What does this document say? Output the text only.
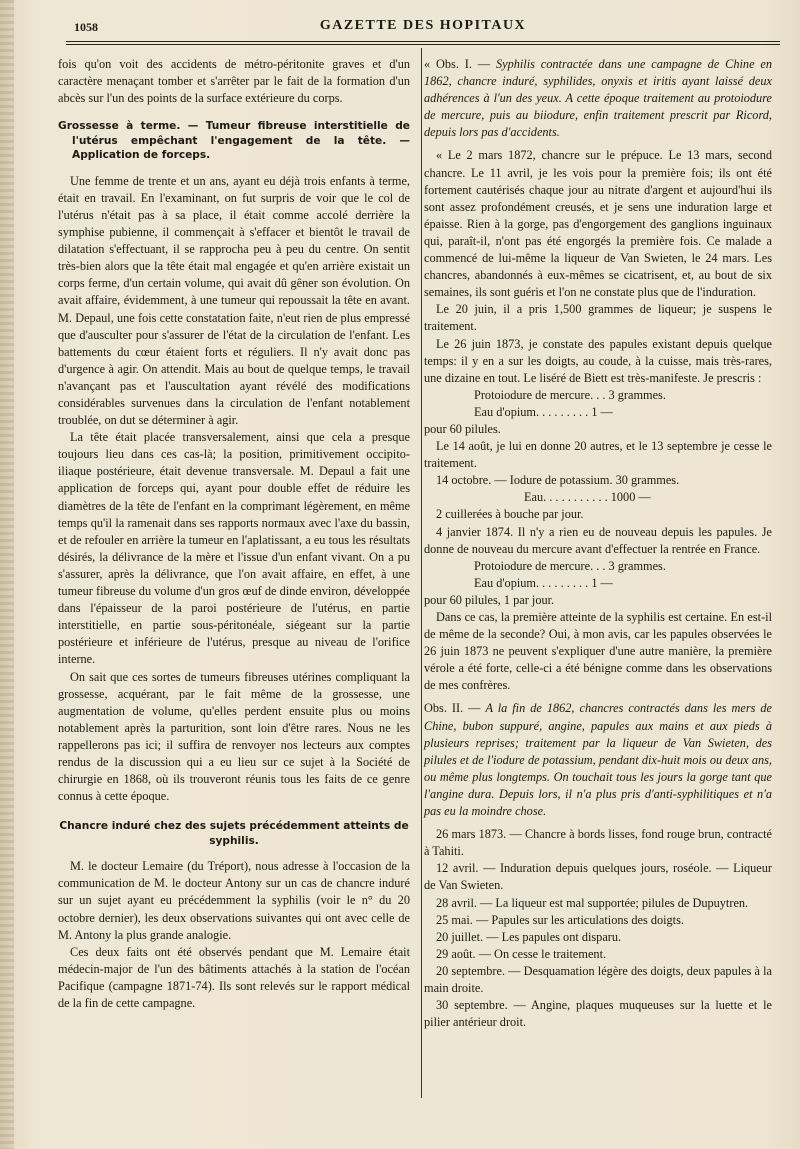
1058	GAZETTE DES HOPITAUX

fois qu'on voit des accidents de métro-péritonite graves et d'un caractère menaçant tomber et s'arrêter par le fait de la formation d'un abcès sur l'un des points de la surface extérieure du corps.

Grossesse à terme. — Tumeur fibreuse interstitielle de l'utérus empêchant l'engagement de la tête. — Application de forceps.

Une femme de trente et un ans, ayant eu déjà trois enfants à terme, était en travail. En l'examinant, on fut surpris de voir que le col de l'utérus n'était pas à sa place, il était comme accolé derrière la symphise pubienne, il commençait à s'effacer et bientôt le travail de dilatation s'effectuant, il se rapprocha peu à peu du centre. On sentit très-bien alors que la tête était mal engagée et qu'en arrière existait un corps ferme, d'un certain volume, qui avait dû gêner son évolution. On avait affaire, évidemment, à une tumeur qui repoussait la tête en avant. M. Depaul, une fois cette constatation faite, n'eut rien de plus empressé que d'ausculter pour s'assurer de l'état de la circulation de l'enfant. Les battements du cœur étaient forts et réguliers. Il n'y avait donc pas d'urgence à agir. On attendit. Mais au bout de quelque temps, le travail n'avançant pas et l'auscultation ayant révélé des modifications considérables survenues dans la circulation de l'enfant notablement troublée, on dut se déterminer à agir.

La tête était placée transversalement, ainsi que cela a presque toujours lieu dans ces cas-là; la position, primitivement occipito-iliaque postérieure, était devenue transversale. M. Depaul a fait une application de forceps qui, ayant pour double effet de réduire les diamètres de la tête de l'enfant en la comprimant légèrement, en même temps qu'il la ramenait dans ses rapports normaux avec l'axe du bassin, et de refouler en arrière la tumeur en l'aplatissant, a eu tous les résultats désirés, la délivrance de la mère et l'issue d'un enfant vivant. On a pu s'assurer, après la délivrance, que l'on avait affaire, en effet, à une tumeur fibreuse du volume d'un gros œuf de dinde environ, développée dans l'épaisseur de la paroi postérieure de l'utérus, en partie interstitielle, en partie sous-péritonéale, siégeant sur la partie postérieure et inférieure de l'utérus, presque au niveau de l'orifice interne.

On sait que ces sortes de tumeurs fibreuses utérines compliquant la grossesse, acquérant, par le fait même de la grossesse, une augmentation de volume, qu'elles perdent ensuite plus ou moins notablement après la parturition, sont loin d'être rares. Nous ne les rappellerons pas ici; il suffira de renvoyer nos lecteurs aux comptes rendus de la discussion qui a eu lieu sur ce sujet à la Société de chirurgie en 1868, où ils trouveront réunis tous les faits de ce genre connus à cette époque.

Chancre induré chez des sujets précédemment atteints de syphilis.

M. le docteur Lemaire (du Tréport), nous adresse à l'occasion de la communication de M. le docteur Antony sur un cas de chancre induré sur un sujet ayant eu précédemment la syphilis (voir le n° du 20 octobre dernier), les deux observations suivantes qui ont avec celle de M. Antony la plus grande analogie.

Ces deux faits ont été observés pendant que M. Lemaire était médecin-major de l'un des bâtiments attachés à la station de l'océan Pacifique (campagne 1871-74). Ils sont relevés sur le rapport médical de la fin de cette campagne.

« Obs. I. — Syphilis contractée dans une campagne de Chine en 1862, chancre induré, syphilides, onyxis et iritis ayant laissé deux adhérences à l'un des yeux. A cette époque traitement au protoiodure de mercure, puis au biiodure, enfin traitement prescrit par Ricord, depuis lors pas d'accidents.

« Le 2 mars 1872, chancre sur le prépuce. Le 13 mars, second chancre. Le 11 avril, je les vois pour la première fois; ils ont été fortement cautérisés chaque jour au nitrate d'argent et aujourd'hui ils sont assez profondément creusés, et je sens une induration large et épaisse. Rien à la gorge, pas d'engorgement des ganglions inguinaux qui, paraît-il, n'ont pas été engorgés la première fois. Ce malade a commencé de lui-même la liqueur de Van Swieten, le 24 mars. Les chancres, abandonnés à eux-mêmes se cicatrisent, et, au bout de six semaines, ils sont guéris et l'on ne constate plus que de l'induration.

Le 20 juin, il a pris 1,500 grammes de liqueur; je suspens le traitement.

Le 26 juin 1873, je constate des papules existant depuis quelque temps: il y en a sur les doigts, au coude, à la cuisse, mais très-rares, une dizaine en tout. Le liséré de Biett est très-manifeste. Je prescris :

Protoiodure de mercure. . . 3 grammes.

Eau d'opium. . . . . . . . . 1 —

pour 60 pilules.

Le 14 août, je lui en donne 20 autres, et le 13 septembre je cesse le traitement.

14 octobre. — Iodure de potassium. 30 grammes.

Eau. . . . . . . . . . . 1000 —

2 cuillerées à bouche par jour.

4 janvier 1874. Il n'y a rien eu de nouveau depuis les papules. Je donne de nouveau du mercure avant d'effectuer la rentrée en France.

Protoiodure de mercure. . . 3 grammes.

Eau d'opium. . . . . . . . . 1 —

pour 60 pilules, 1 par jour.

Dans ce cas, la première atteinte de la syphilis est certaine. En est-il de même de la seconde? Oui, à mon avis, car les papules observées le 26 juin 1873 ne peuvent s'expliquer d'une autre manière, la première vérole a été forte, celle-ci a été bénigne comme dans les observations de mes confrères.

Obs. II. — A la fin de 1862, chancres contractés dans les mers de Chine, bubon suppuré, angine, papules aux mains et aux pieds à plusieurs reprises; traitement par la liqueur de Van Swieten, des pilules et de l'iodure de potassium, pendant dix-huit mois ou deux ans, ou même plus longtemps. On touchait tous les jours la gorge tant que l'angine dura. Depuis lors, il n'a plus pris d'anti-syphilitiques et n'a pas eu la moindre chose.

26 mars 1873. — Chancre à bords lisses, fond rouge brun, contracté à Tahiti.

12 avril. — Induration depuis quelques jours, roséole. — Liqueur de Van Swieten.

28 avril. — La liqueur est mal supportée; pilules de Dupuytren.

25 mai. — Papules sur les articulations des doigts.

20 juillet. — Les papules ont disparu.

29 août. — On cesse le traitement.

20 septembre. — Desquamation légère des doigts, deux papules à la main droite.

30 septembre. — Angine, plaques muqueuses sur la luette et le pilier antérieur droit.
